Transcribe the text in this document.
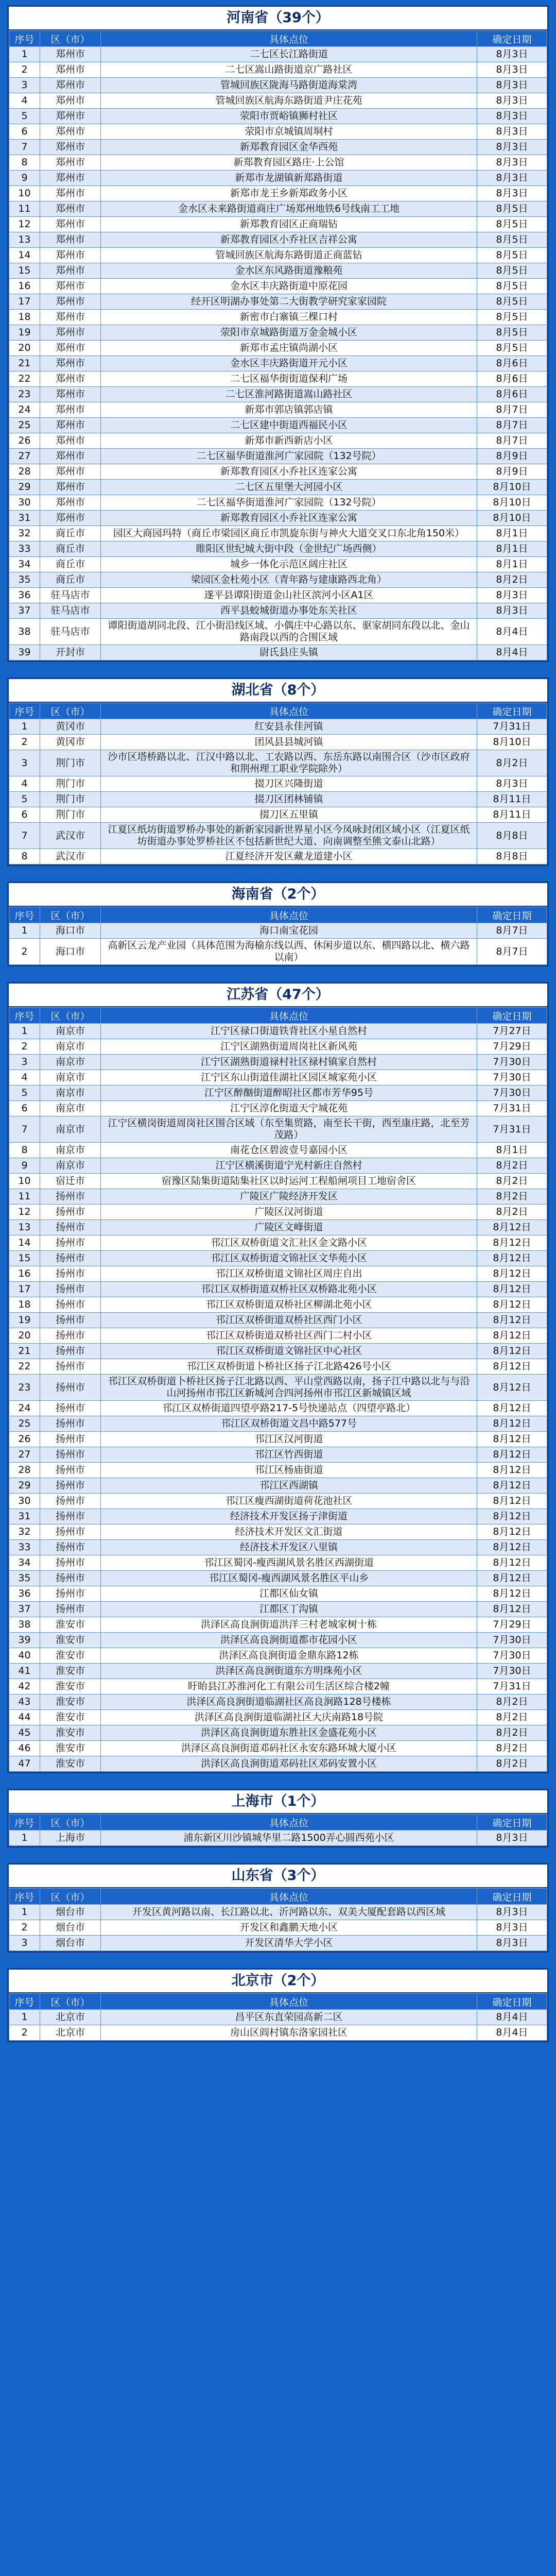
河南省（39个）
序号	区（市）	具体点位	确定日期
1	郑州市	二七区长江路街道	8月3日
2	郑州市	二七区嵩山路街道京广路社区	8月3日
3	郑州市	管城回族区陇海马路街道海棠湾	8月3日
4	郑州市	管城回族区航海东路街道尹庄花苑	8月3日
5	郑州市	荥阳市贾峪镇狮村社区	8月3日
6	郑州市	荥阳市京城镇周垌村	8月3日
7	郑州市	新郑教育园区金华西苑	8月3日
8	郑州市	新郑教育园区路庄·上公馆	8月3日
9	郑州市	新郑市龙湖镇新郑路街道	8月3日
10	郑州市	新郑市龙王乡新郑政务小区	8月3日
11	郑州市	金水区未来路街道商庄广场郑州地铁6号线南工工地	8月5日
12	郑州市	新郑教育园区正商瑞钻	8月5日
13	郑州市	新郑教育园区小乔社区吉祥公寓	8月5日
14	郑州市	管城回族区航海东路街道正商蓝钻	8月5日
15	郑州市	金水区东风路街道豫粮苑	8月5日
16	郑州市	金水区丰庆路街道中原花园	8月5日
17	郑州市	经开区明湖办事处第二大街教学研究家家园院	8月5日
18	郑州市	新密市白寨镇三棵口村	8月5日
19	郑州市	荥阳市京城路街道万金金城小区	8月5日
20	郑州市	新郑市孟庄镇尚湖小区	8月5日
21	郑州市	金水区丰庆路街道开元小区	8月6日
22	郑州市	二七区福华街街道保利广场	8月6日
23	郑州市	二七区淮河路街道嵩山路社区	8月6日
24	郑州市	新郑市郭店镇郭店镇	8月7日
25	郑州市	二七区建中街道西福民小区	8月7日
26	郑州市	新郑市新西新店小区	8月7日
27	郑州市	二七区福华街道淮河广家园院（132号院）	8月9日
28	郑州市	新郑教育园区小乔社区连家公寓	8月9日
29	郑州市	二七区五里堡大河园小区	8月10日
30	郑州市	二七区福华街道淮河广家园院（132号院）	8月10日
31	郑州市	新郑教育园区小乔社区连家公寓	8月10日
32	商丘市	园区大商园玛特（商丘市梁园区商丘市凯旋东街与神火大道交叉口东北角150米）	8月1日
33	商丘市	睢阳区世纪城大街中段（金世纪广场西侧）	8月1日
34	商丘市	城乡一体化示范区阔庄社区	8月1日
35	商丘市	梁园区金杜苑小区（青年路与建康路西北角）	8月2日
36	驻马店市	遂平县谭阳街道金山社区滨河小区A1区	8月3日
37	驻马店市	西平县蛟城街道办事处东关社区	8月3日
38	驻马店市	谭阳街道胡同北段、江小街沿线区域、小偶庄中心路以东、驱家胡同东段以北、金山路南段以西的合围区域	8月4日
39	开封市	尉氏县庄头镇	8月4日
湖北省（8个）
序号	区（市）	具体点位	确定日期
1	黄冈市	红安县永佳河镇	7月31日
2	黄冈市	团风县县城河镇	8月10日
3	荆门市	沙市区塔桥路以北、江汉中路以北、工农路以西、东岳东路以南围合区（沙市区政府和荆州理工职业学院除外）	8月2日
4	荆门市	掇刀区兴隆街道	8月3日
5	荆门市	掇刀区团林铺镇	8月11日
6	荆门市	掇刀区五里镇	8月11日
7	武汉市	江夏区纸坊街道罗桥办事处的新新家园新世界星小区今凤咏封闭区域小区（江夏区纸坊街道办事处罗桥社区不包括新世纪大道、向南调整至熊文泰山北路）	8月8日
8	武汉市	江夏经济开发区藏龙道建小区	8月8日
海南省（2个）
序号	区（市）	具体点位	确定日期
1	海口市	海口南宝花园	8月7日
2	海口市	高新区云龙产业园（具体范围为海榆东线以西、休闲步道以东、横四路以北、横六路以南）	8月7日
江苏省（47个）
序号	区（市）	具体点位	确定日期
1	南京市	江宁区禄口街道铁背社区小星自然村	7月27日
2	南京市	江宁区湖熟街道周岗社区新风苑	7月29日
3	南京市	江宁区湖熟街道禄村社区禄村镇家自然村	7月30日
4	南京市	江宁区东山街道佳湖社区园区城家苑小区	7月30日
5	南京市	江宁区醉酗街道醉昭社区都市芳华95号	7月30日
6	南京市	江宁区淳化街道天宁城花苑	7月31日
7	南京市	江宁区横岗街道周岗社区围合区域（东至集贸路，南至长干街，西至康庄路，北至芳茂路）	7月31日
8	南京市	南花仓区碧波壹号嘉园小区	8月1日
9	南京市	江宁区横溪街道宁光村新庄自然村	8月2日
10	宿迁市	宿豫区陆集街道陆集社区以时运河工程船闸项目工地宿舍区	8月2日
11	扬州市	广陵区广陵经济开发区	8月2日
12	扬州市	广陵区汉河街道	8月2日
13	扬州市	广陵区文峰街道	8月12日
14	扬州市	邗江区双桥街道文汇社区金文路小区	8月12日
15	扬州市	邗江区双桥街道文锦社区文华苑小区	8月12日
16	扬州市	邗江区双桥街道文锦社区周庄自出	8月12日
17	扬州市	邗江区双桥街道双桥社区双桥路北苑小区	8月12日
18	扬州市	邗江区双桥街道双桥社区柳湖北苑小区	8月12日
19	扬州市	邗江区双桥街道双桥社区西门小区	8月12日
20	扬州市	邗江区双桥街道双桥社区西门二村小区	8月12日
21	扬州市	邗江区双桥街道文锦社区中心社区	8月12日
22	扬州市	邗江区双桥街道卜桥社区扬子江北路426号小区	8月12日
23	扬州市	邗江区双桥街道卜桥社区扬子江北路以西、平山堂西路以南，扬子江中路以北与与沿山河扬州市邗江区新城河合四河扬州市邗江区新城镇区域	8月12日
24	扬州市	邗江区双桥街道四望亭路217-5号快递站点（四望亭路北）	8月12日
25	扬州市	邗江区双桥街道文昌中路577号	8月12日
26	扬州市	邗江区汉河街道	8月12日
27	扬州市	邗江区竹西街道	8月12日
28	扬州市	邗江区杨庙街道	8月12日
29	扬州市	邗江区西湖镇	8月12日
30	扬州市	邗江区瘦西湖街道荷花池社区	8月12日
31	扬州市	经济技术开发区扬子津街道	8月12日
32	扬州市	经济技术开发区文汇街道	8月12日
33	扬州市	经济技术开发区八里镇	8月12日
34	扬州市	邗江区蜀冈-瘦西湖风景名胜区西湖街道	8月12日
35	扬州市	邗江区蜀冈-瘦西湖风景名胜区平山乡	8月12日
36	扬州市	江都区仙女镇	8月12日
37	扬州市	江都区丁沟镇	8月12日
38	淮安市	洪泽区高良涧街道洪洋三村老城家树十栋	7月29日
39	淮安市	洪泽区高良涧街道都市花园小区	7月30日
40	淮安市	洪泽区高良涧街道金鼎东路12栋	7月30日
41	淮安市	洪泽区高良涧街道东方明珠苑小区	7月30日
42	淮安市	盱眙县江苏淮河化工有限公司生活区综合楼2幢	7月31日
43	淮安市	洪泽区高良涧街道临湖社区高良涧路128号楼栋	8月2日
44	淮安市	洪泽区高良涧街道临湖社区大庆南路18号院	8月2日
45	淮安市	洪泽区高良涧街道东胜社区金盛花苑小区	8月2日
46	淮安市	洪泽区高良涧街道邓码社区永安东路环城大厦小区	8月2日
47	淮安市	洪泽区高良涧街道邓码社区邓码安置小区	8月2日
上海市（1个）
序号	区（市）	具体点位	确定日期
1	上海市	浦东新区川沙镇城华里二路1500弄心圆西苑小区	8月3日
山东省（3个）
序号	区（市）	具体点位	确定日期
1	烟台市	开发区黄河路以南、长江路以北、沂河路以东、双美大厦配套路以西区域	8月3日
2	烟台市	开发区和鑫鹏天地小区	8月3日
3	烟台市	开发区清华大学小区	8月3日
北京市（2个）
序号	区（市）	具体点位	确定日期
1	北京市	昌平区东直荣园高新二区	8月4日
2	北京市	房山区阎村镇东洛家园社区	8月4日
